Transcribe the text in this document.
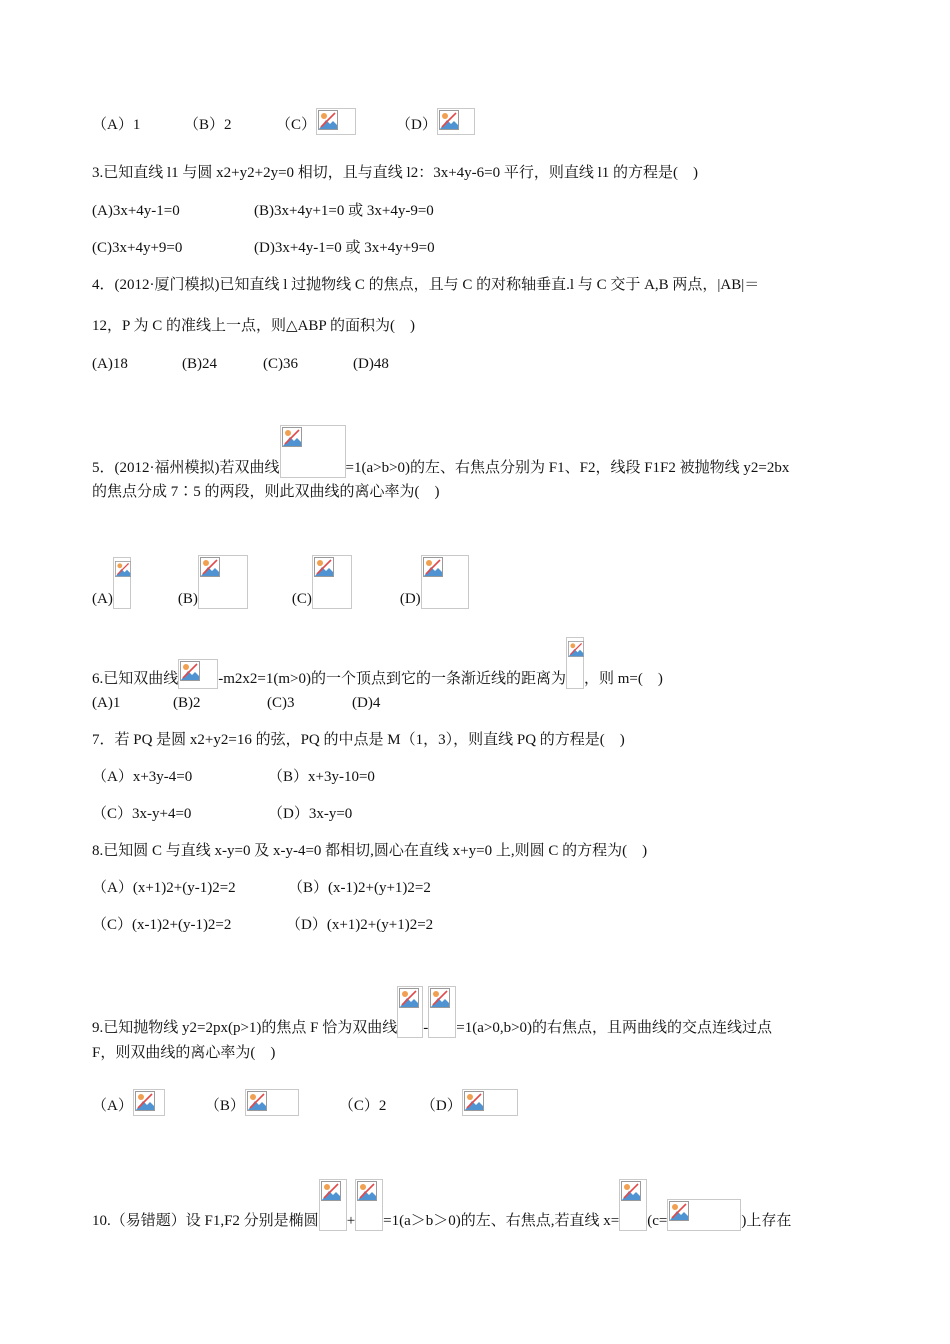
（A）1	（B）2	（C）	（D）
3.已知直线 l1 与圆 x2+y2+2y=0 相切，且与直线 l2：3x+4y-6=0 平行，则直线 l1 的方程是(　)
(A)3x+4y-1=0	(B)3x+4y+1=0 或 3x+4y-9=0
(C)3x+4y+9=0	(D)3x+4y-1=0 或 3x+4y+9=0
4．(2012·厦门模拟)已知直线 l 过抛物线 C 的焦点，且与 C 的对称轴垂直.l 与 C 交于 A,B 两点，|AB|＝
12，P 为 C 的准线上一点，则△ABP 的面积为(　)
(A)18	(B)24	(C)36	(D)48
5．(2012·福州模拟)若双曲线	=1(a>b>0)的左、右焦点分别为 F1、F2，线段 F1F2 被抛物线 y2=2bx
的焦点分成 7∶5 的两段，则此双曲线的离心率为(　)
(A)	(B)	(C)	(D)
6.已知双曲线	-m2x2=1(m>0)的一个顶点到它的一条渐近线的距离为 ，则 m=(　)
(A)1	(B)2	(C)3	(D)4
7．若 PQ 是圆 x2+y2=16 的弦，PQ 的中点是 M（1，3），则直线 PQ 的方程是(　)
（A）x+3y-4=0	（B）x+3y-10=0
（C）3x-y+4=0	（D）3x-y=0
8.已知圆 C 与直线 x-y=0 及 x-y-4=0 都相切,圆心在直线 x+y=0 上,则圆 C 的方程为(　)
（A）(x+1)2+(y-1)2=2	（B）(x-1)2+(y+1)2=2
（C）(x-1)2+(y-1)2=2	（D）(x+1)2+(y+1)2=2
9.已知抛物线 y2=2px(p>1)的焦点 F 恰为双曲线 - =1(a>0,b>0)的右焦点，且两曲线的交点连线过点
F，则双曲线的离心率为(　)
（A）	（B）	（C）2 （D）
10.（易错题）设 F1,F2 分别是椭圆 + =1(a＞b＞0)的左、右焦点,若直线 x= (c=	)上存在
